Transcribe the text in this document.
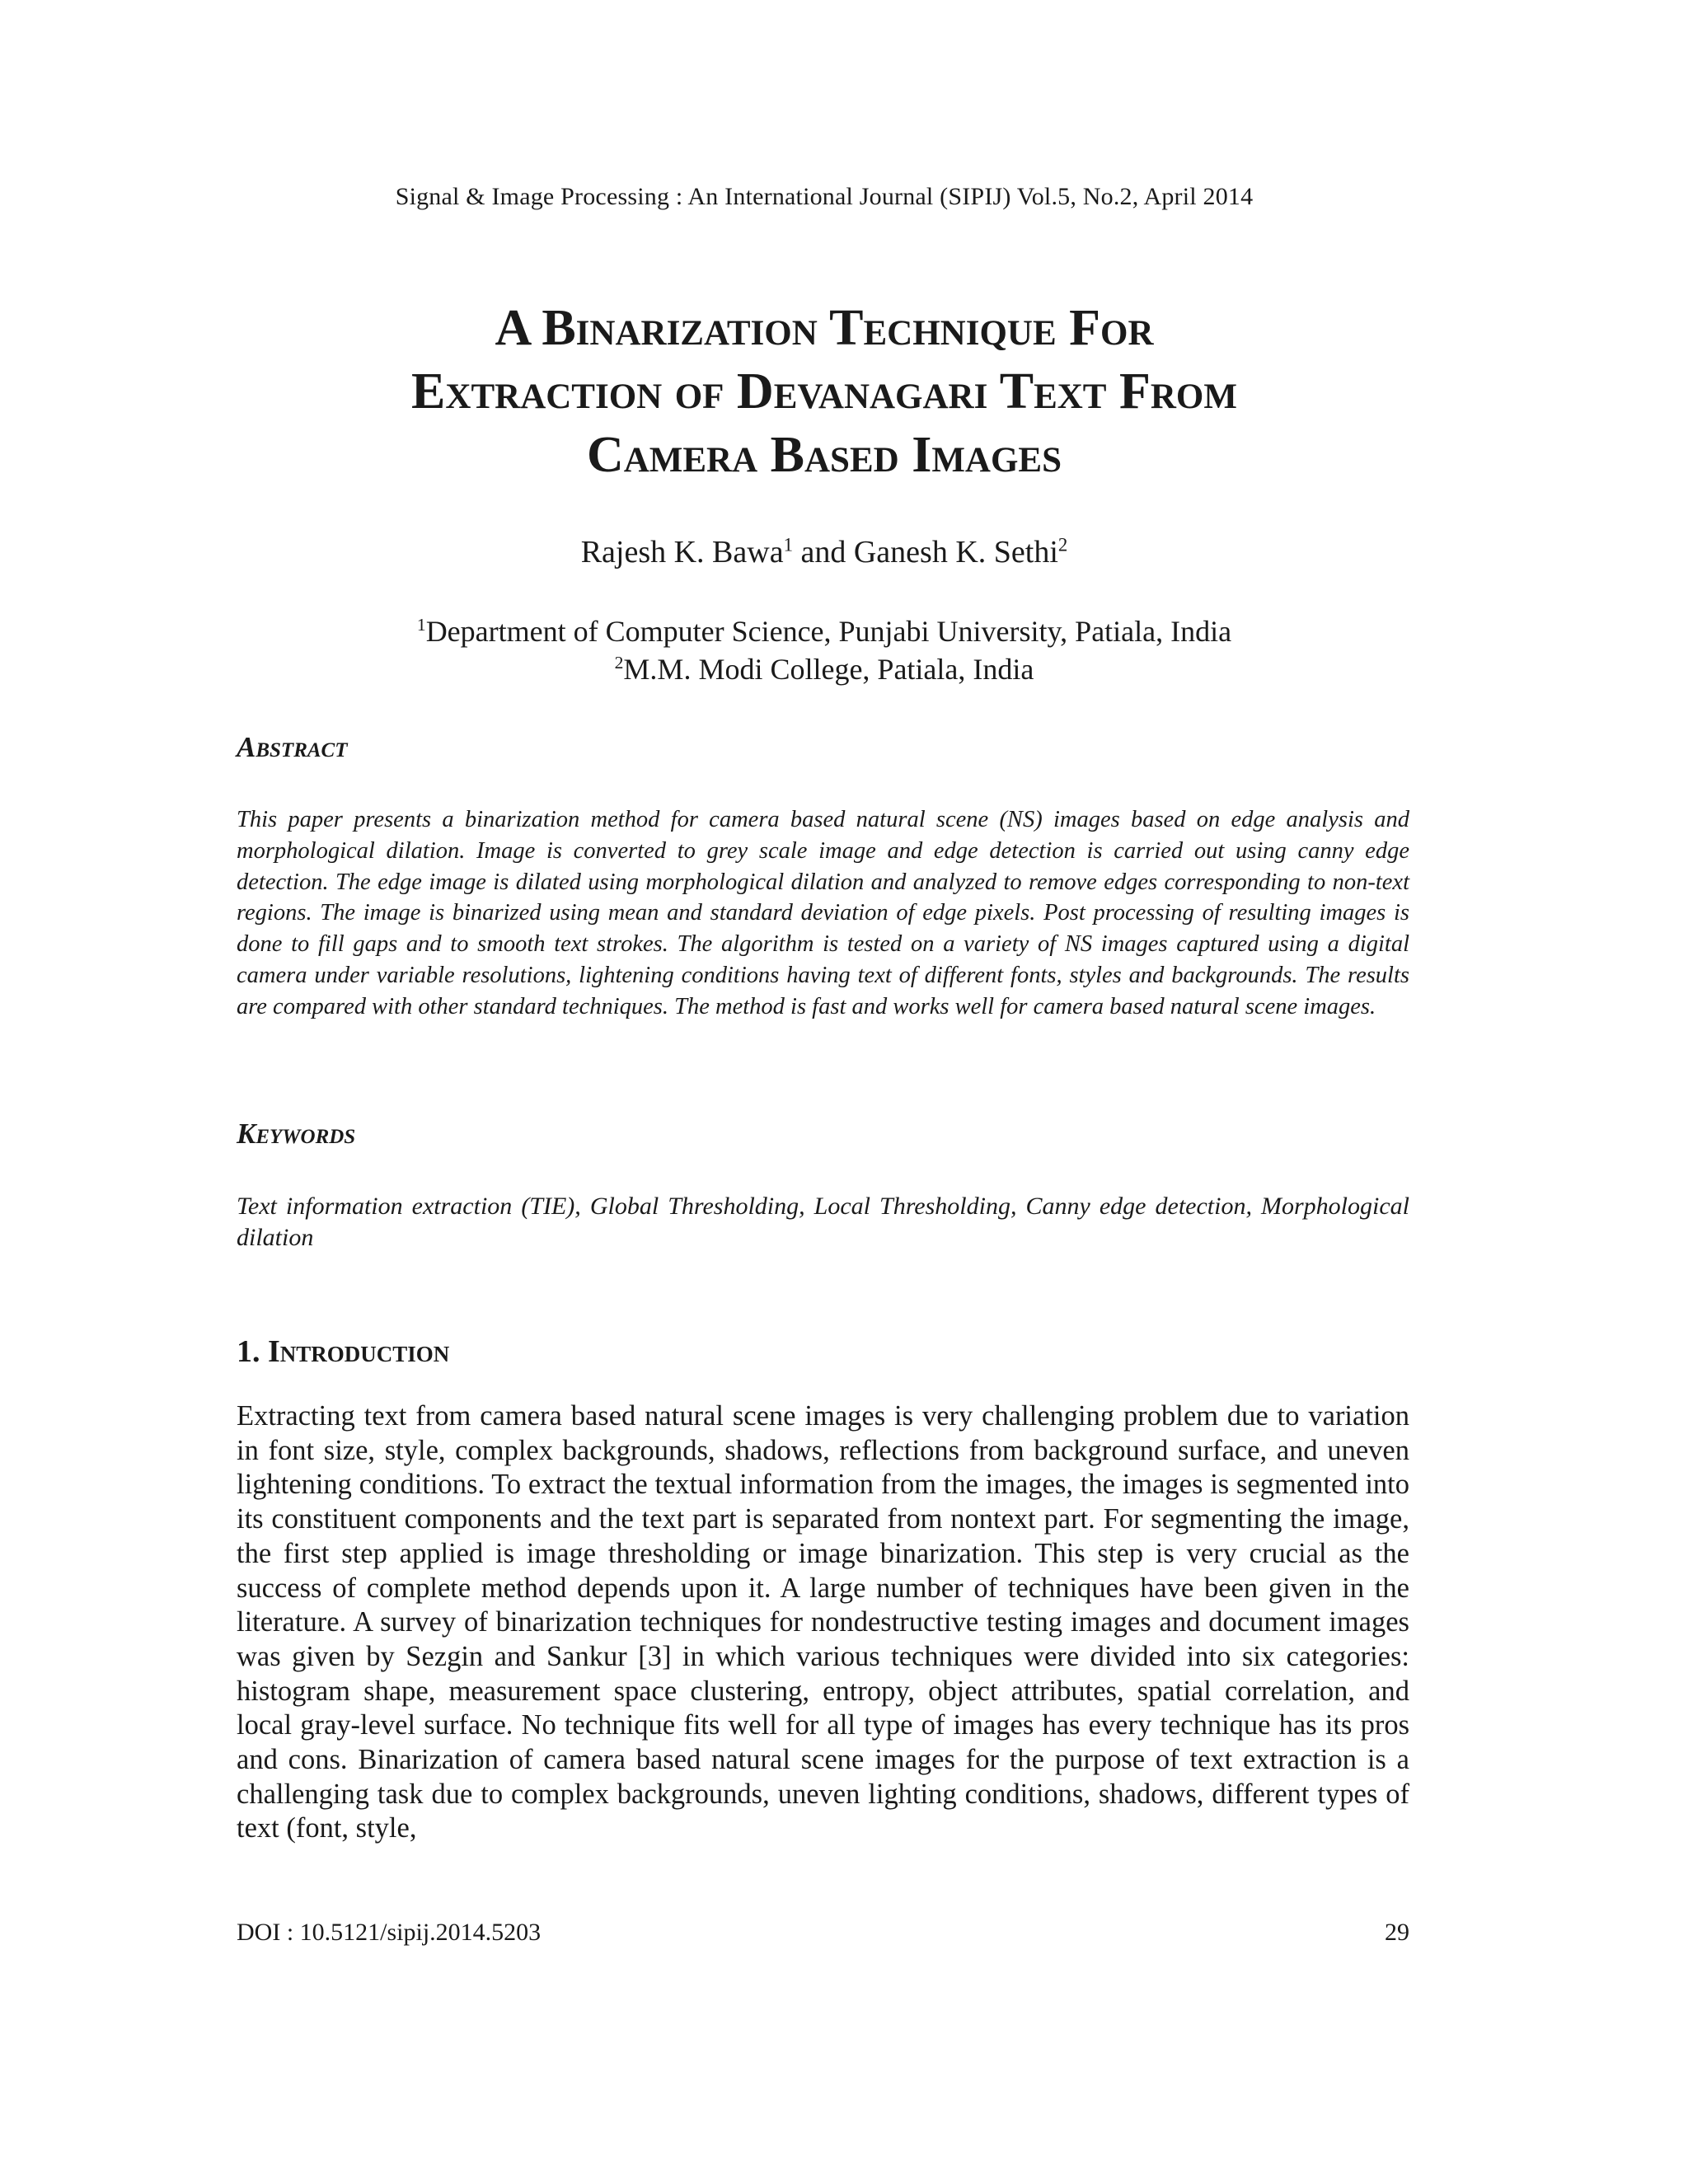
Signal & Image Processing : An International Journal (SIPIJ) Vol.5, No.2, April 2014
A Binarization Technique For
Extraction of Devanagari Text From
Camera Based Images
Rajesh K. Bawa$^1$ and Ganesh K. Sethi$^2$
$^1$Department of Computer Science, Punjabi University, Patiala, India
$^2$M.M. Modi College, Patiala, India
Abstract
This paper presents a binarization method for camera based natural scene (NS) images based on edge analysis and morphological dilation. Image is converted to grey scale image and edge detection is carried out using canny edge detection. The edge image is dilated using morphological dilation and analyzed to remove edges corresponding to non-text regions. The image is binarized using mean and standard deviation of edge pixels. Post processing of resulting images is done to fill gaps and to smooth text strokes. The algorithm is tested on a variety of NS images captured using a digital camera under variable resolutions, lightening conditions having text of different fonts, styles and backgrounds. The results are compared with other standard techniques. The method is fast and works well for camera based natural scene images.
Keywords
Text information extraction (TIE), Global Thresholding, Local Thresholding, Canny edge detection, Morphological dilation
1. Introduction
Extracting text from camera based natural scene images is very challenging problem due to variation in font size, style, complex backgrounds, shadows, reflections from background surface, and uneven lightening conditions. To extract the textual information from the images, the images is segmented into its constituent components and the text part is separated from nontext part. For segmenting the image, the first step applied is image thresholding or image binarization. This step is very crucial as the success of complete method depends upon it. A large number of techniques have been given in the literature. A survey of binarization techniques for nondestructive testing images and document images was given by Sezgin and Sankur [3] in which various techniques were divided into six categories: histogram shape, measurement space clustering, entropy, object attributes, spatial correlation, and local gray-level surface. No technique fits well for all type of images has every technique has its pros and cons. Binarization of camera based natural scene images for the purpose of text extraction is a challenging task due to complex backgrounds, uneven lighting conditions, shadows, different types of text (font, style,
DOI : 10.5121/sipij.2014.5203	29
